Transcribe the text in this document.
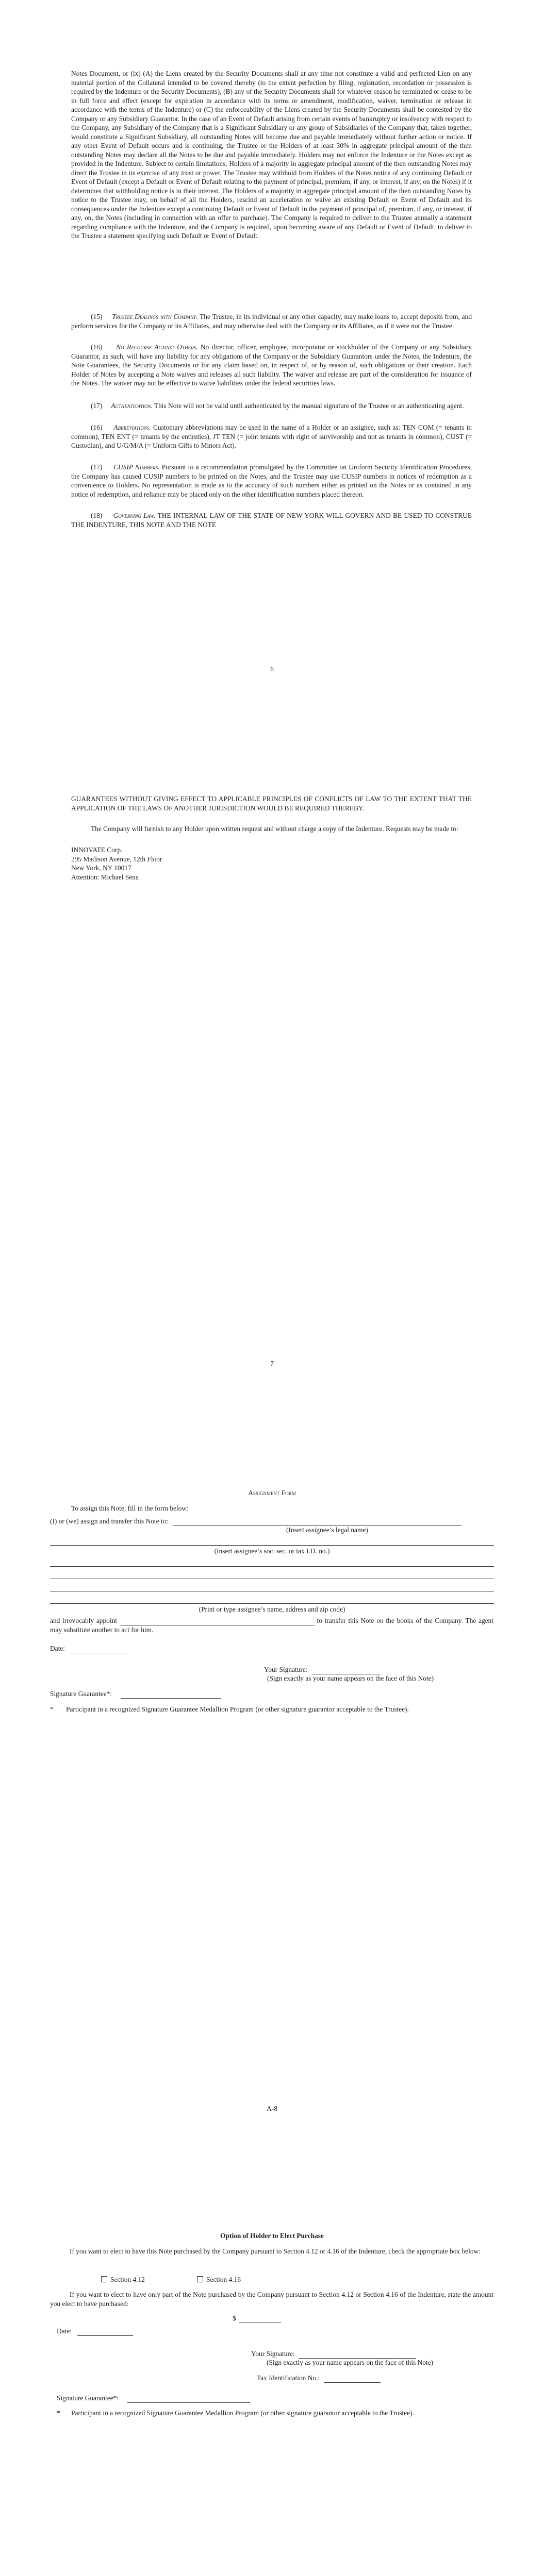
Notes Document, or (ix) (A) the Liens created by the Security Documents shall at any time not constitute a valid and perfected Lien on any material portion of the Collateral intended to be covered thereby (to the extent perfection by filing, registration, recordation or possession is required by the Indenture or the Security Documents), (B) any of the Security Documents shall for whatever reason be terminated or cease to be in full force and effect (except for expiration in accordance with its terms or amendment, modification, waiver, termination or release in accordance with the terms of the Indenture) or (C) the enforceability of the Liens created by the Security Documents shall be contested by the Company or any Subsidiary Guarantor. In the case of an Event of Default arising from certain events of bankruptcy or insolvency with respect to the Company, any Subsidiary of the Company that is a Significant Subsidiary or any group of Subsidiaries of the Company that, taken together, would constitute a Significant Subsidiary, all outstanding Notes will become due and payable immediately without further action or notice. If any other Event of Default occurs and is continuing, the Trustee or the Holders of at least 30% in aggregate principal amount of the then outstanding Notes may declare all the Notes to be due and payable immediately. Holders may not enforce the Indenture or the Notes except as provided in the Indenture. Subject to certain limitations, Holders of a majority in aggregate principal amount of the then outstanding Notes may direct the Trustee in its exercise of any trust or power. The Trustee may withhold from Holders of the Notes notice of any continuing Default or Event of Default (except a Default or Event of Default relating to the payment of principal, premium, if any, or interest, if any, on the Notes) if it determines that withholding notice is in their interest. The Holders of a majority in aggregate principal amount of the then outstanding Notes by notice to the Trustee may, on behalf of all the Holders, rescind an acceleration or waive an existing Default or Event of Default and its consequences under the Indenture except a continuing Default or Event of Default in the payment of principal of, premium, if any, or interest, if any, on, the Notes (including in connection with an offer to purchase). The Company is required to deliver to the Trustee annually a statement regarding compliance with the Indenture, and the Company is required, upon becoming aware of any Default or Event of Default, to deliver to the Trustee a statement specifying such Default or Event of Default.

(15) Trustee Dealings with Company. The Trustee, in its individual or any other capacity, may make loans to, accept deposits from, and perform services for the Company or its Affiliates, and may otherwise deal with the Company or its Affiliates, as if it were not the Trustee.

(16) No Recourse Against Others. No director, officer, employee, incorporator or stockholder of the Company or any Subsidiary Guarantor, as such, will have any liability for any obligations of the Company or the Subsidiary Guarantors under the Notes, the Indenture, the Note Guarantees, the Security Documents or for any claim based on, in respect of, or by reason of, such obligations or their creation. Each Holder of Notes by accepting a Note waives and releases all such liability. The waiver and release are part of the consideration for issuance of the Notes. The waiver may not be effective to waive liabilities under the federal securities laws.

(17) Authentication. This Note will not be valid until authenticated by the manual signature of the Trustee or an authenticating agent.

(16) Abbreviations. Customary abbreviations may be used in the name of a Holder or an assignee, such as: TEN COM (= tenants in common), TEN ENT (= tenants by the entireties), JT TEN (= joint tenants with right of survivorship and not as tenants in common), CUST (= Custodian), and U/G/M/A (= Uniform Gifts to Minors Act).

(17) CUSIP Numbers. Pursuant to a recommendation promulgated by the Committee on Uniform Security Identification Procedures, the Company has caused CUSIP numbers to be printed on the Notes, and the Trustee may use CUSIP numbers in notices of redemption as a convenience to Holders. No representation is made as to the accuracy of such numbers either as printed on the Notes or as contained in any notice of redemption, and reliance may be placed only on the other identification numbers placed thereon.

(18) Governing Law. THE INTERNAL LAW OF THE STATE OF NEW YORK WILL GOVERN AND BE USED TO CONSTRUE THE INDENTURE, THIS NOTE AND THE NOTE

6

GUARANTEES WITHOUT GIVING EFFECT TO APPLICABLE PRINCIPLES OF CONFLICTS OF LAW TO THE EXTENT THAT THE APPLICATION OF THE LAWS OF ANOTHER JURISDICTION WOULD BE REQUIRED THEREBY.

The Company will furnish to any Holder upon written request and without charge a copy of the Indenture. Requests may be made to:

INNOVATE Corp.
295 Madison Avenue, 12th Floor
New York, NY 10017
Attention: Michael Sena
7
Assignment Form
To assign this Note, fill in the form below:
(I) or (we) assign and transfer this Note to:
(Insert assignee’s legal name)
(Insert assignee’s soc. sec. or tax I.D. no.)
(Print or type assignee’s name, address and zip code)
and irrevocably appoint	to transfer this Note on the books of the Company. The agent may substitute another to act for him.
Date:
Your Signature:
(Sign exactly as your name appears on the face of this Note)
Signature Guarantee*:
* Participant in a recognized Signature Guarantee Medallion Program (or other signature guarantor acceptable to the Trustee).
A-8
Option of Holder to Elect Purchase

If you want to elect to have this Note purchased by the Company pursuant to Section 4.12 or 4.16 of the Indenture, check the appropriate box below:

Section 4.12	Section 4.16

If you want to elect to have only part of the Note purchased by the Company pursuant to Section 4.12 or Section 4.16 of the Indenture, state the amount you elect to have purchased:

$
Date:
Your Signature:
(Sign exactly as your name appears on the face of this Note)
Tax Identification No.:
Signature Guarantee*:
* Participant in a recognized Signature Guarantee Medallion Program (or other signature guarantor acceptable to the Trustee).
